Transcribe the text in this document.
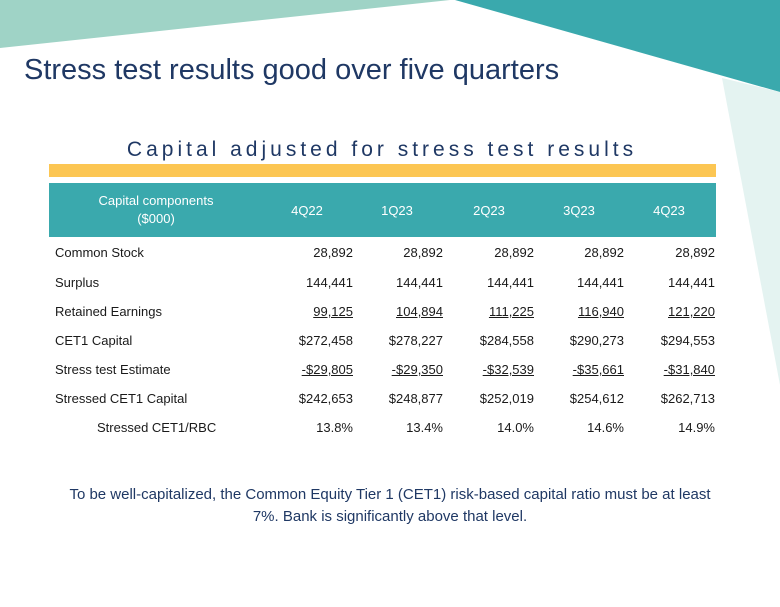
Stress test results good over five quarters
Capital adjusted for stress test results
Capital components
($000)
4Q22	1Q23	2Q23	3Q23	4Q23
Common Stock	28,892	28,892	28,892	28,892	28,892
Surplus	144,441	144,441	144,441	144,441	144,441
Retained Earnings	99,125	104,894	111,225	116,940	121,220
CET1 Capital	$272,458	$278,227	$284,558	$290,273	$294,553
Stress test Estimate	-$29,805	-$29,350	-$32,539	-$35,661	-$31,840
Stressed CET1 Capital	$242,653	$248,877	$252,019	$254,612	$262,713
Stressed CET1/RBC	13.8%	13.4%	14.0%	14.6%	14.9%
To be well-capitalized, the Common Equity Tier 1 (CET1) risk-based capital ratio must be at least 7%. Bank is significantly above that level.
